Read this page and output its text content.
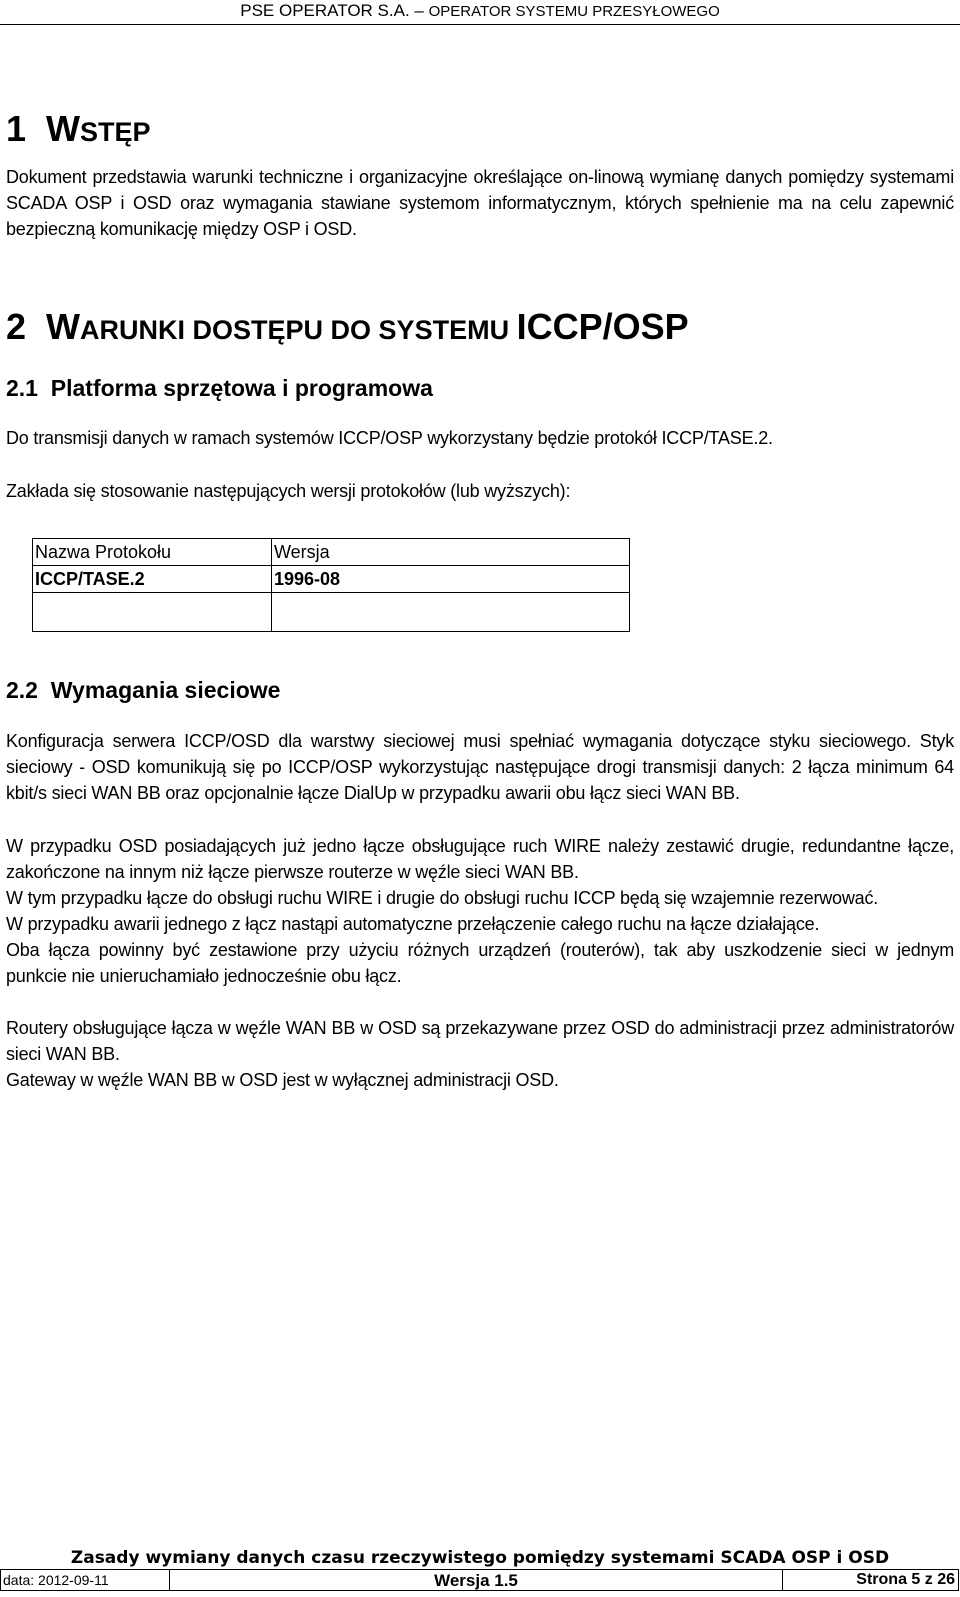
PSE OPERATOR S.A. – OPERATOR SYSTEMU PRZESYŁOWEGO
1 WSTĘP
Dokument przedstawia warunki techniczne i organizacyjne określające on-linową wymianę danych pomiędzy systemami SCADA OSP i OSD oraz wymagania stawiane systemom informatycznym, których spełnienie ma na celu zapewnić bezpieczną komunikację między OSP i OSD.
2 WARUNKI DOSTĘPU DO SYSTEMU ICCP/OSP
2.1 Platforma sprzętowa i programowa
Do transmisji danych w ramach systemów ICCP/OSP wykorzystany będzie protokół ICCP/TASE.2.
Zakłada się stosowanie następujących wersji protokołów (lub wyższych):
Nazwa Protokołu	Wersja
ICCP/TASE.2	1996-08

2.2 Wymagania sieciowe
Konfiguracja serwera ICCP/OSD dla warstwy sieciowej musi spełniać wymagania dotyczące styku sieciowego. Styk sieciowy - OSD komunikują się po ICCP/OSP wykorzystując następujące drogi transmisji danych: 2 łącza minimum 64 kbit/s sieci WAN BB oraz opcjonalnie łącze DialUp w przypadku awarii obu łącz sieci WAN BB.
W przypadku OSD posiadających już jedno łącze obsługujące ruch WIRE należy zestawić drugie, redundantne łącze, zakończone na innym niż łącze pierwsze routerze w węźle sieci WAN BB.
W tym przypadku łącze do obsługi ruchu WIRE i drugie do obsługi ruchu ICCP będą się wzajemnie rezerwować.
W przypadku awarii jednego z łącz nastąpi automatyczne przełączenie całego ruchu na łącze działające.
Oba łącza powinny być zestawione przy użyciu różnych urządzeń (routerów), tak aby uszkodzenie sieci w jednym punkcie nie unieruchamiało jednocześnie obu łącz.
Routery obsługujące łącza w węźle WAN BB w OSD są przekazywane przez OSD do administracji przez administratorów sieci WAN BB.
Gateway w węźle WAN BB w OSD jest w wyłącznej administracji OSD.
Zasady wymiany danych czasu rzeczywistego pomiędzy systemami SCADA OSP i OSD
data: 2012-09-11	Wersja 1.5	Strona 5 z 26
